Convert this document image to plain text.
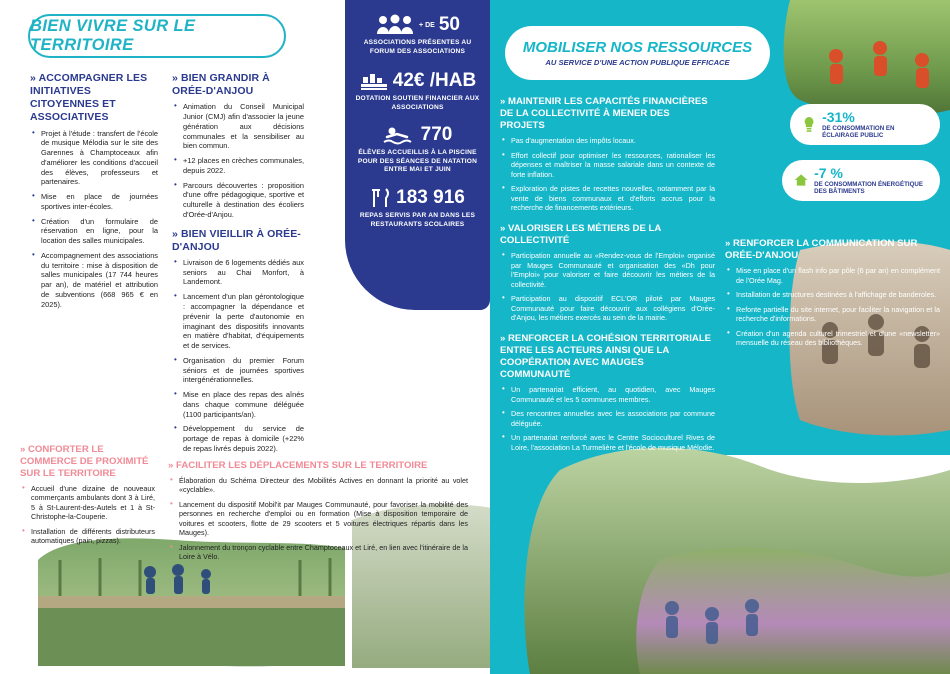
BIEN VIVRE SUR LE TERRITOIRE
» ACCOMPAGNER LES INITIATIVES CITOYENNES ET ASSOCIATIVES
• Projet à l'étude : transfert de l'école de musique Mélodia sur le site des Garennes à Champtoceaux afin d'améliorer les conditions d'accueil des élèves, professeurs et partenaires.
• Mise en place de journées sportives inter-écoles.
• Création d'un formulaire de réservation en ligne, pour la location des salles municipales.
• Accompagnement des associations du territoire : mise à disposition de salles municipales (17 744 heures par an), de matériel et attribution de subventions (668 965 € en 2025).
» BIEN GRANDIR À ORÉE-D'ANJOU
• Animation du Conseil Municipal Junior (CMJ) afin d'associer la jeune génération aux décisions communales et la sensibiliser au bien commun.
• +12 places en crèches communales, depuis 2022.
• Parcours découvertes : proposition d'une offre pédagogique, sportive et culturelle à destination des écoliers d'Orée-d'Anjou.
» BIEN VIEILLIR À ORÉE-D'ANJOU
• Livraison de 6 logements dédiés aux seniors au Chai Monfort, à Landemont.
• Lancement d'un plan gérontologique : accompagner la dépendance et prévenir la perte d'autonomie en imaginant des dispositifs innovants en matière d'habitat, d'équipements et de services.
• Organisation du premier Forum séniors et de journées sportives intergénérationnelles.
• Mise en place des repas des aînés dans chaque commune déléguée (1100 participants/an).
• Développement du service de portage de repas à domicile (+22% de repas livrés depuis 2022).
+ DE 50
ASSOCIATIONS PRÉSENTES AU FORUM DES ASSOCIATIONS
42€ /HAB
DOTATION SOUTIEN FINANCIER AUX ASSOCIATIONS
770
ÉLÈVES ACCUEILLIS À LA PISCINE POUR DES SÉANCES DE NATATION ENTRE MAI ET JUIN
183 916
REPAS SERVIS PAR AN DANS LES RESTAURANTS SCOLAIRES
MOBILISER NOS RESSOURCES
AU SERVICE D'UNE ACTION PUBLIQUE EFFICACE
-31%
DE CONSOMMATION EN ÉCLAIRAGE PUBLIC
-7 %
DE CONSOMMATION ÉNERGÉTIQUE DES BÂTIMENTS
» MAINTENIR LES CAPACITÉS FINANCIÈRES DE LA COLLECTIVITÉ À MENER DES PROJETS
• Pas d'augmentation des impôts locaux.
• Effort collectif pour optimiser les ressources, rationaliser les dépenses et maîtriser la masse salariale dans un contexte de forte inflation.
• Exploration de pistes de recettes nouvelles, notamment par la vente de biens communaux et d'efforts accrus pour la recherche de financements extérieurs.
» VALORISER LES MÉTIERS DE LA COLLECTIVITÉ
• Participation annuelle au «Rendez-vous de l'Emploi» organisé par Mauges Communauté et organisation des «Dh pour l'Emploi» pour valoriser et faire découvrir les métiers de la collectivité.
• Participation au dispositif ECL'OR piloté par Mauges Communauté pour faire découvrir aux collégiens d'Orée-d'Anjou, les métiers exercés au sein de la mairie.
» RENFORCER LA COHÉSION TERRITORIALE ENTRE LES ACTEURS AINSI QUE LA COOPÉRATION AVEC MAUGES COMMUNAUTÉ
• Un partenariat efficient, au quotidien, avec Mauges Communauté et les 5 communes membres.
• Des rencontres annuelles avec les associations par commune déléguée.
• Un partenariat renforcé avec le Centre Socioculturel Rives de Loire, l'association La Turmelière et l'école de musique Mélodie.
» RENFORCER LA COMMUNICATION SUR ORÉE-D'ANJOU
• Mise en place d'un flash info par pôle (6 par an) en complément de l'Orée Mag.
• Installation de structures destinées à l'affichage de banderoles.
• Refonte partielle du site internet, pour faciliter la navigation et la recherche d'informations.
• Création d'un agenda culturel trimestriel et d'une «newsletter» mensuelle du réseau des bibliothèques.
» CONFORTER LE COMMERCE DE PROXIMITÉ SUR LE TERRITOIRE
• Accueil d'une dizaine de nouveaux commerçants ambulants dont 3 à Liré, 5 à St-Laurent-des-Autels et 1 à St-Christophe-la-Couperie.
• Installation de différents distributeurs automatiques (pain, pizzas).
» FACILITER LES DÉPLACEMENTS SUR LE TERRITOIRE
• Élaboration du Schéma Directeur des Mobilités Actives en donnant la priorité au volet «cyclable».
• Lancement du dispositif Mobil'it par Mauges Communauté, pour favoriser la mobilité des personnes en recherche d'emploi ou en formation (Mise à disposition temporaire de voitures et scooters, flotte de 29 scooters et 5 voitures électriques répartis dans les Mauges).
• Jalonnement du tronçon cyclable entre Champtoceaux et Liré, en lien avec l'itinéraire de la Loire à Vélo.
